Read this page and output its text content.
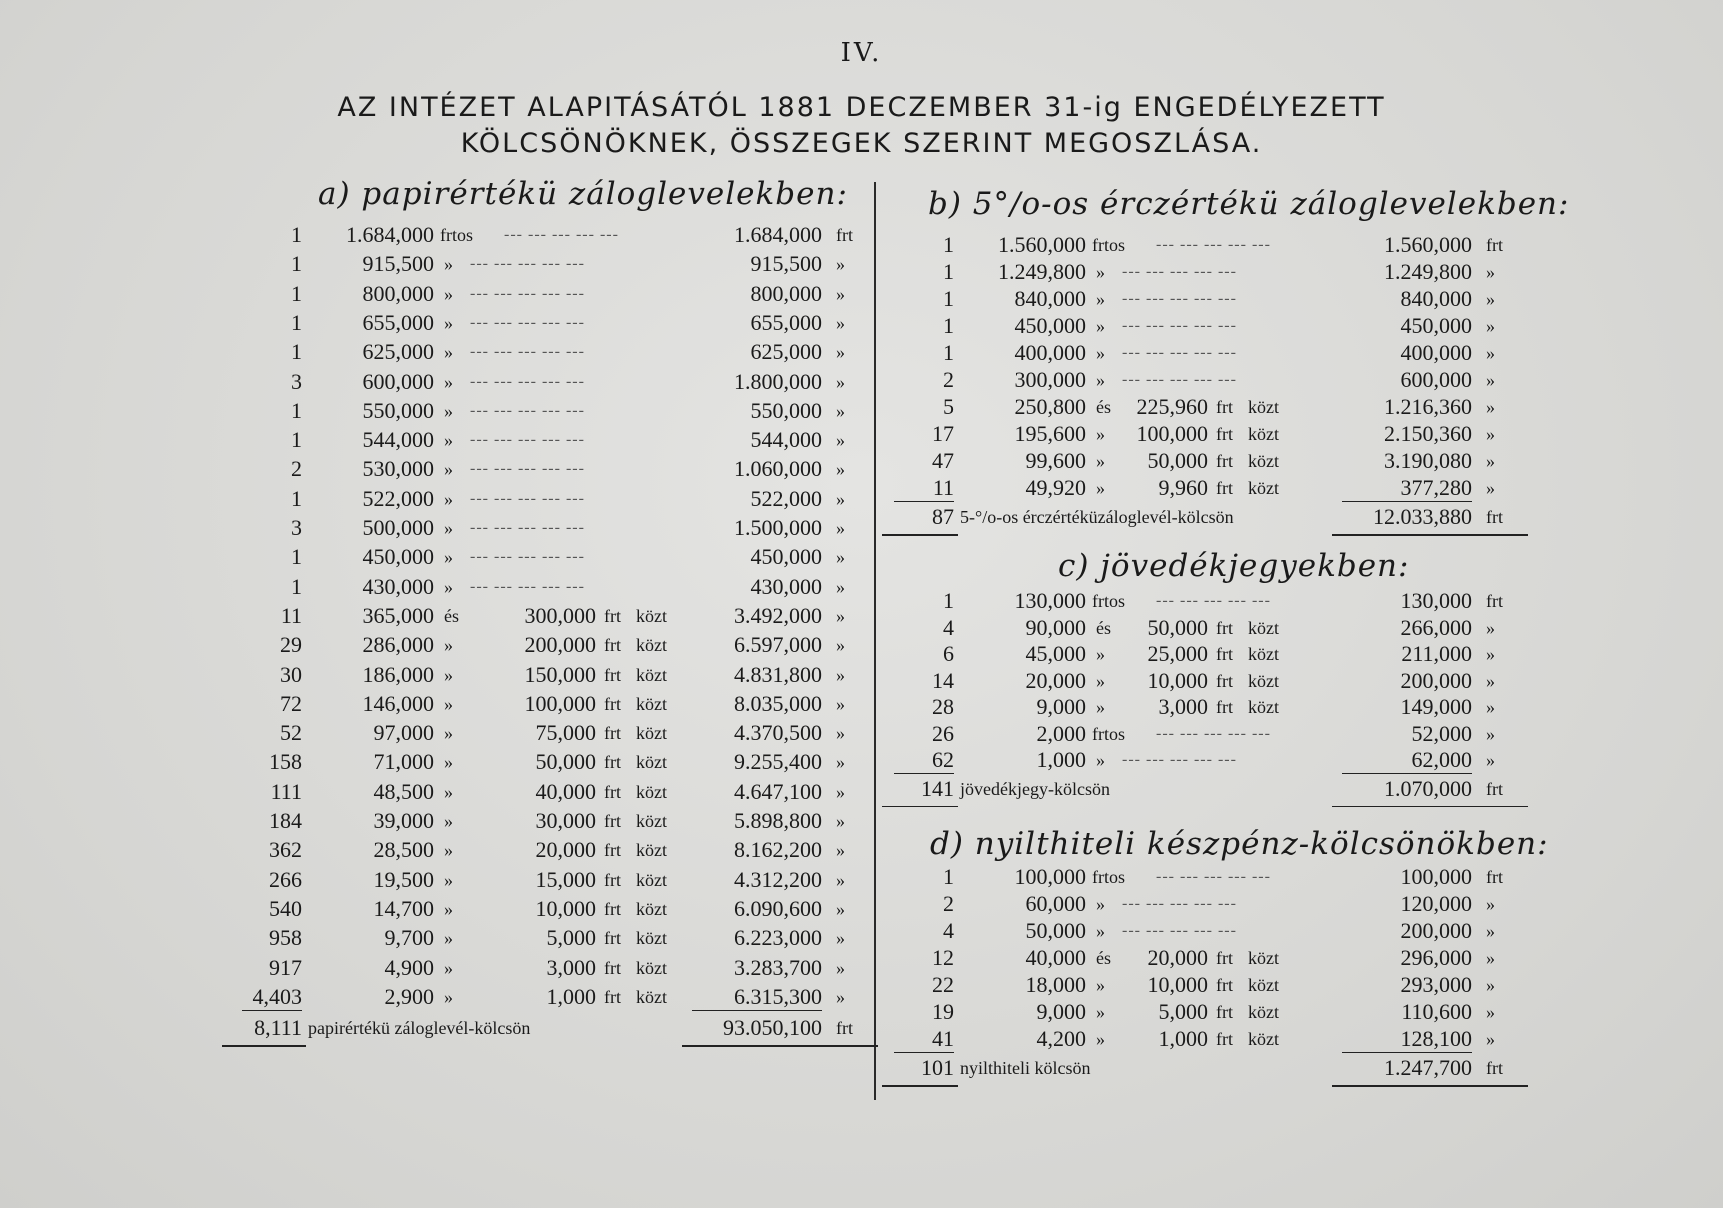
IV.
AZ INTÉZET ALAPITÁSÁTÓL 1881 DECZEMBER 31-ig ENGEDÉLYEZETT
KÖLCSÖNÖKNEK, ÖSSZEGEK SZERINT MEGOSZLÁSA.
a) papirértékü záloglevelekben:
1	1.684,000 frtos --- --- --- --- ---	1.684,000 frt
1	915,500 » --- --- --- --- ---	915,500 »
1	800,000 » --- --- --- --- ---	800,000 »
1	655,000 » --- --- --- --- ---	655,000 »
1	625,000 » --- --- --- --- ---	625,000 »
3	600,000 » --- --- --- --- ---	1.800,000 »
1	550,000 » --- --- --- --- ---	550,000 »
1	544,000 » --- --- --- --- ---	544,000 »
2	530,000 » --- --- --- --- ---	1.060,000 »
1	522,000 » --- --- --- --- ---	522,000 »
3	500,000 » --- --- --- --- ---	1.500,000 »
1	450,000 » --- --- --- --- ---	450,000 »
1	430,000 » --- --- --- --- ---	430,000 »
11	365,000 és	300,000 frt közt	3.492,000 »
29	286,000 »	200,000 frt közt	6.597,000 »
30	186,000 »	150,000 frt közt	4.831,800 »
72	146,000 »	100,000 frt közt	8.035,000 »
52	97,000 »	75,000 frt közt	4.370,500 »
158	71,000 »	50,000 frt közt	9.255,400 »
111	48,500 »	40,000 frt közt	4.647,100 »
184	39,000 »	30,000 frt közt	5.898,800 »
362	28,500 »	20,000 frt közt	8.162,200 »
266	19,500 »	15,000 frt közt	4.312,200 »
540	14,700 »	10,000 frt közt	6.090,600 »
958	9,700 »	5,000 frt közt	6.223,000 »
917	4,900 »	3,000 frt közt	3.283,700 »
4,403	2,900 »	1,000 frt közt	6.315,300 »
8,111 papirértékü záloglevél-kölcsön	93.050,100 frt
b) 5°/o-os érczértékü záloglevelekben:
1	1.560,000 frtos --- --- --- --- ---	1.560,000 frt
1	1.249,800 » --- --- --- --- ---	1.249,800 »
1	840,000 » --- --- --- --- ---	840,000 »
1	450,000 » --- --- --- --- ---	450,000 »
1	400,000 » --- --- --- --- ---	400,000 »
2	300,000 » --- --- --- --- ---	600,000 »
5	250,800 és	225,960 frt közt	1.216,360 »
17	195,600 »	100,000 frt közt	2.150,360 »
47	99,600 »	50,000 frt közt	3.190,080 »
11	49,920 »	9,960 frt közt	377,280 »
87 5-°/o-os érczértéküzáloglevél-kölcsön	12.033,880 frt
c) jövedékjegyekben:
1	130,000 frtos --- --- --- --- ---	130,000 frt
4	90,000 és	50,000 frt közt	266,000 »
6	45,000 »	25,000 frt közt	211,000 »
14	20,000 »	10,000 frt közt	200,000 »
28	9,000 »	3,000 frt közt	149,000 »
26	2,000 frtos --- --- --- --- ---	52,000 »
62	1,000 » --- --- --- --- ---	62,000 »
141 jövedékjegy-kölcsön	1.070,000 frt
d) nyilthiteli készpénz-kölcsönökben:
1	100,000 frtos --- --- --- --- ---	100,000 frt
2	60,000 » --- --- --- --- ---	120,000 »
4	50,000 » --- --- --- --- ---	200,000 »
12	40,000 és	20,000 frt közt	296,000 »
22	18,000 »	10,000 frt közt	293,000 »
19	9,000 »	5,000 frt közt	110,600 »
41	4,200 »	1,000 frt közt	128,100 »
101 nyilthiteli kölcsön	1.247,700 frt
